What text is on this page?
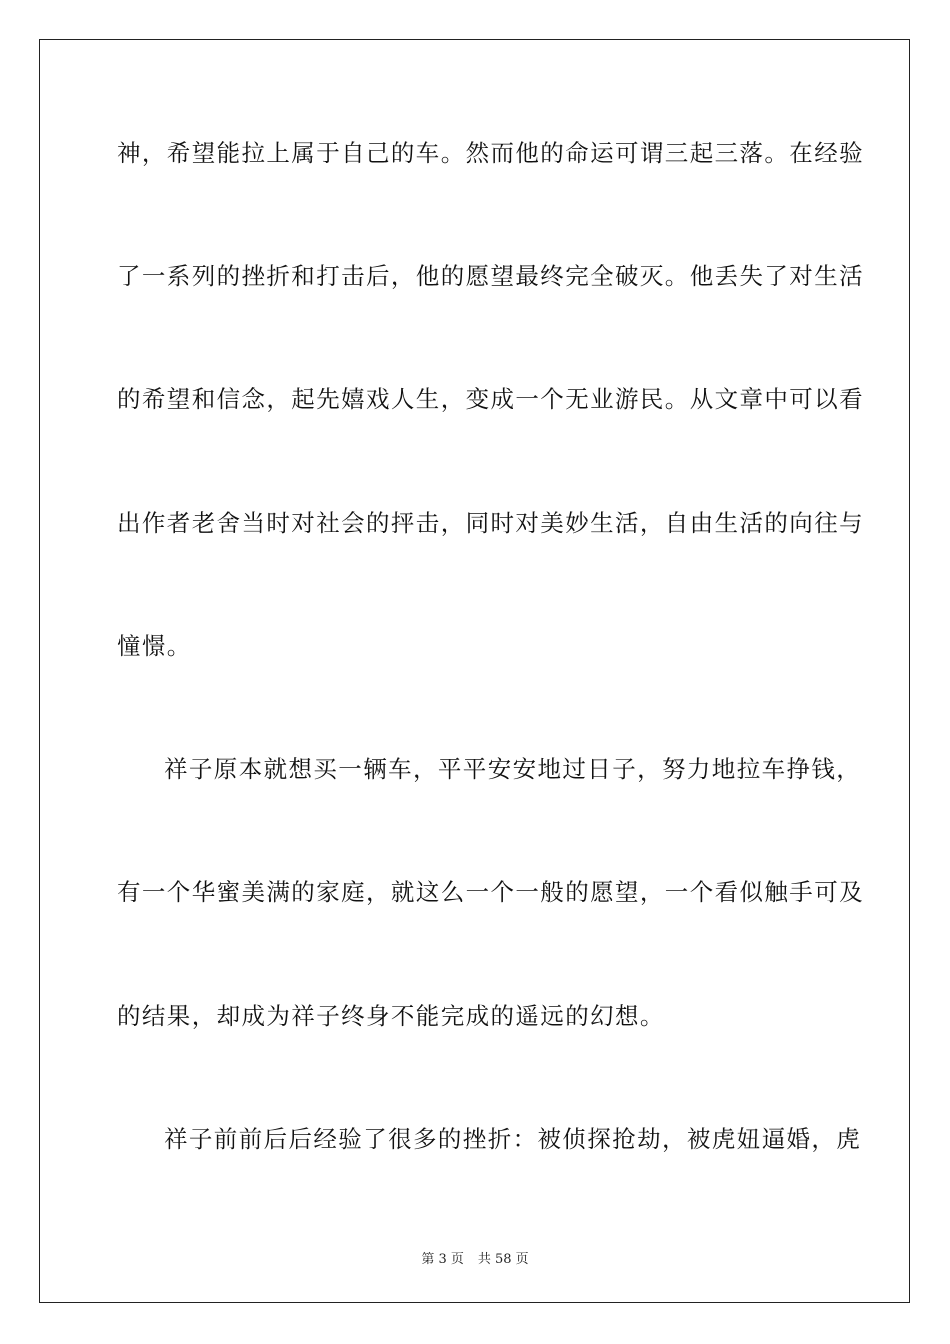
神，希望能拉上属于自己的车。然而他的命运可谓三起三落。在经验
了一系列的挫折和打击后，他的愿望最终完全破灭。他丢失了对生活
的希望和信念，起先嬉戏人生，变成一个无业游民。从文章中可以看
出作者老舍当时对社会的抨击，同时对美妙生活，自由生活的向往与
憧憬。
祥子原本就想买一辆车，平平安安地过日子，努力地拉车挣钱，
有一个华蜜美满的家庭，就这么一个一般的愿望，一个看似触手可及
的结果，却成为祥子终身不能完成的遥远的幻想。
祥子前前后后经验了很多的挫折：被侦探抢劫，被虎妞逼婚，虎
第 3 页 共 58 页
